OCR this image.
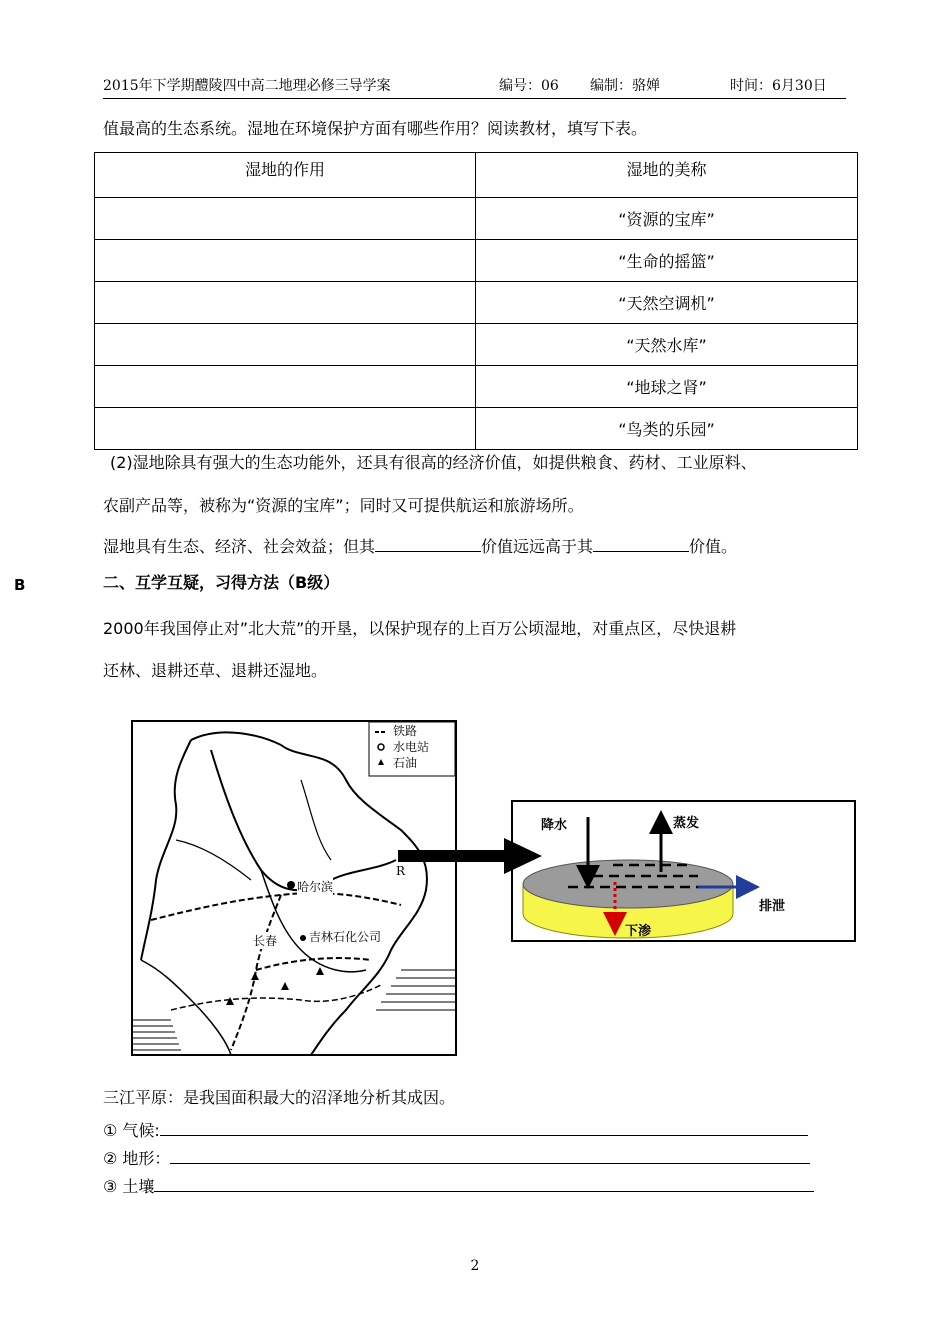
2015年下学期醴陵四中高二地理必修三导学案	编号：06 编制：骆婵	时间：6月30日
值最高的生态系统。湿地在环境保护方面有哪些作用？阅读教材，填写下表。
湿地的作用	湿地的美称
	“资源的宝库”
	“生命的摇篮”
	“天然空调机”
	“天然水库”
	“地球之肾”
	“鸟类的乐园”
(2)湿地除具有强大的生态功能外，还具有很高的经济价值，如提供粮食、药材、工业原料、
农副产品等，被称为“资源的宝库”；同时又可提供航运和旅游场所。
湿地具有生态、经济、社会效益；但其	价值远远高于其	价值。
B	二、互学互疑，习得方法（B级）
2000年我国停止对”北大荒”的开垦，以保护现存的上百万公顷湿地，对重点区，尽快退耕
还林、退耕还草、退耕还湿地。
铁路
水电站
石油
哈尔滨
长春	吉林石化公司
R
降水	蒸发
排泄
下渗
三江平原：是我国面积最大的沼泽地分析其成因。
① 气候:
② 地形：
③ 土壤
2
